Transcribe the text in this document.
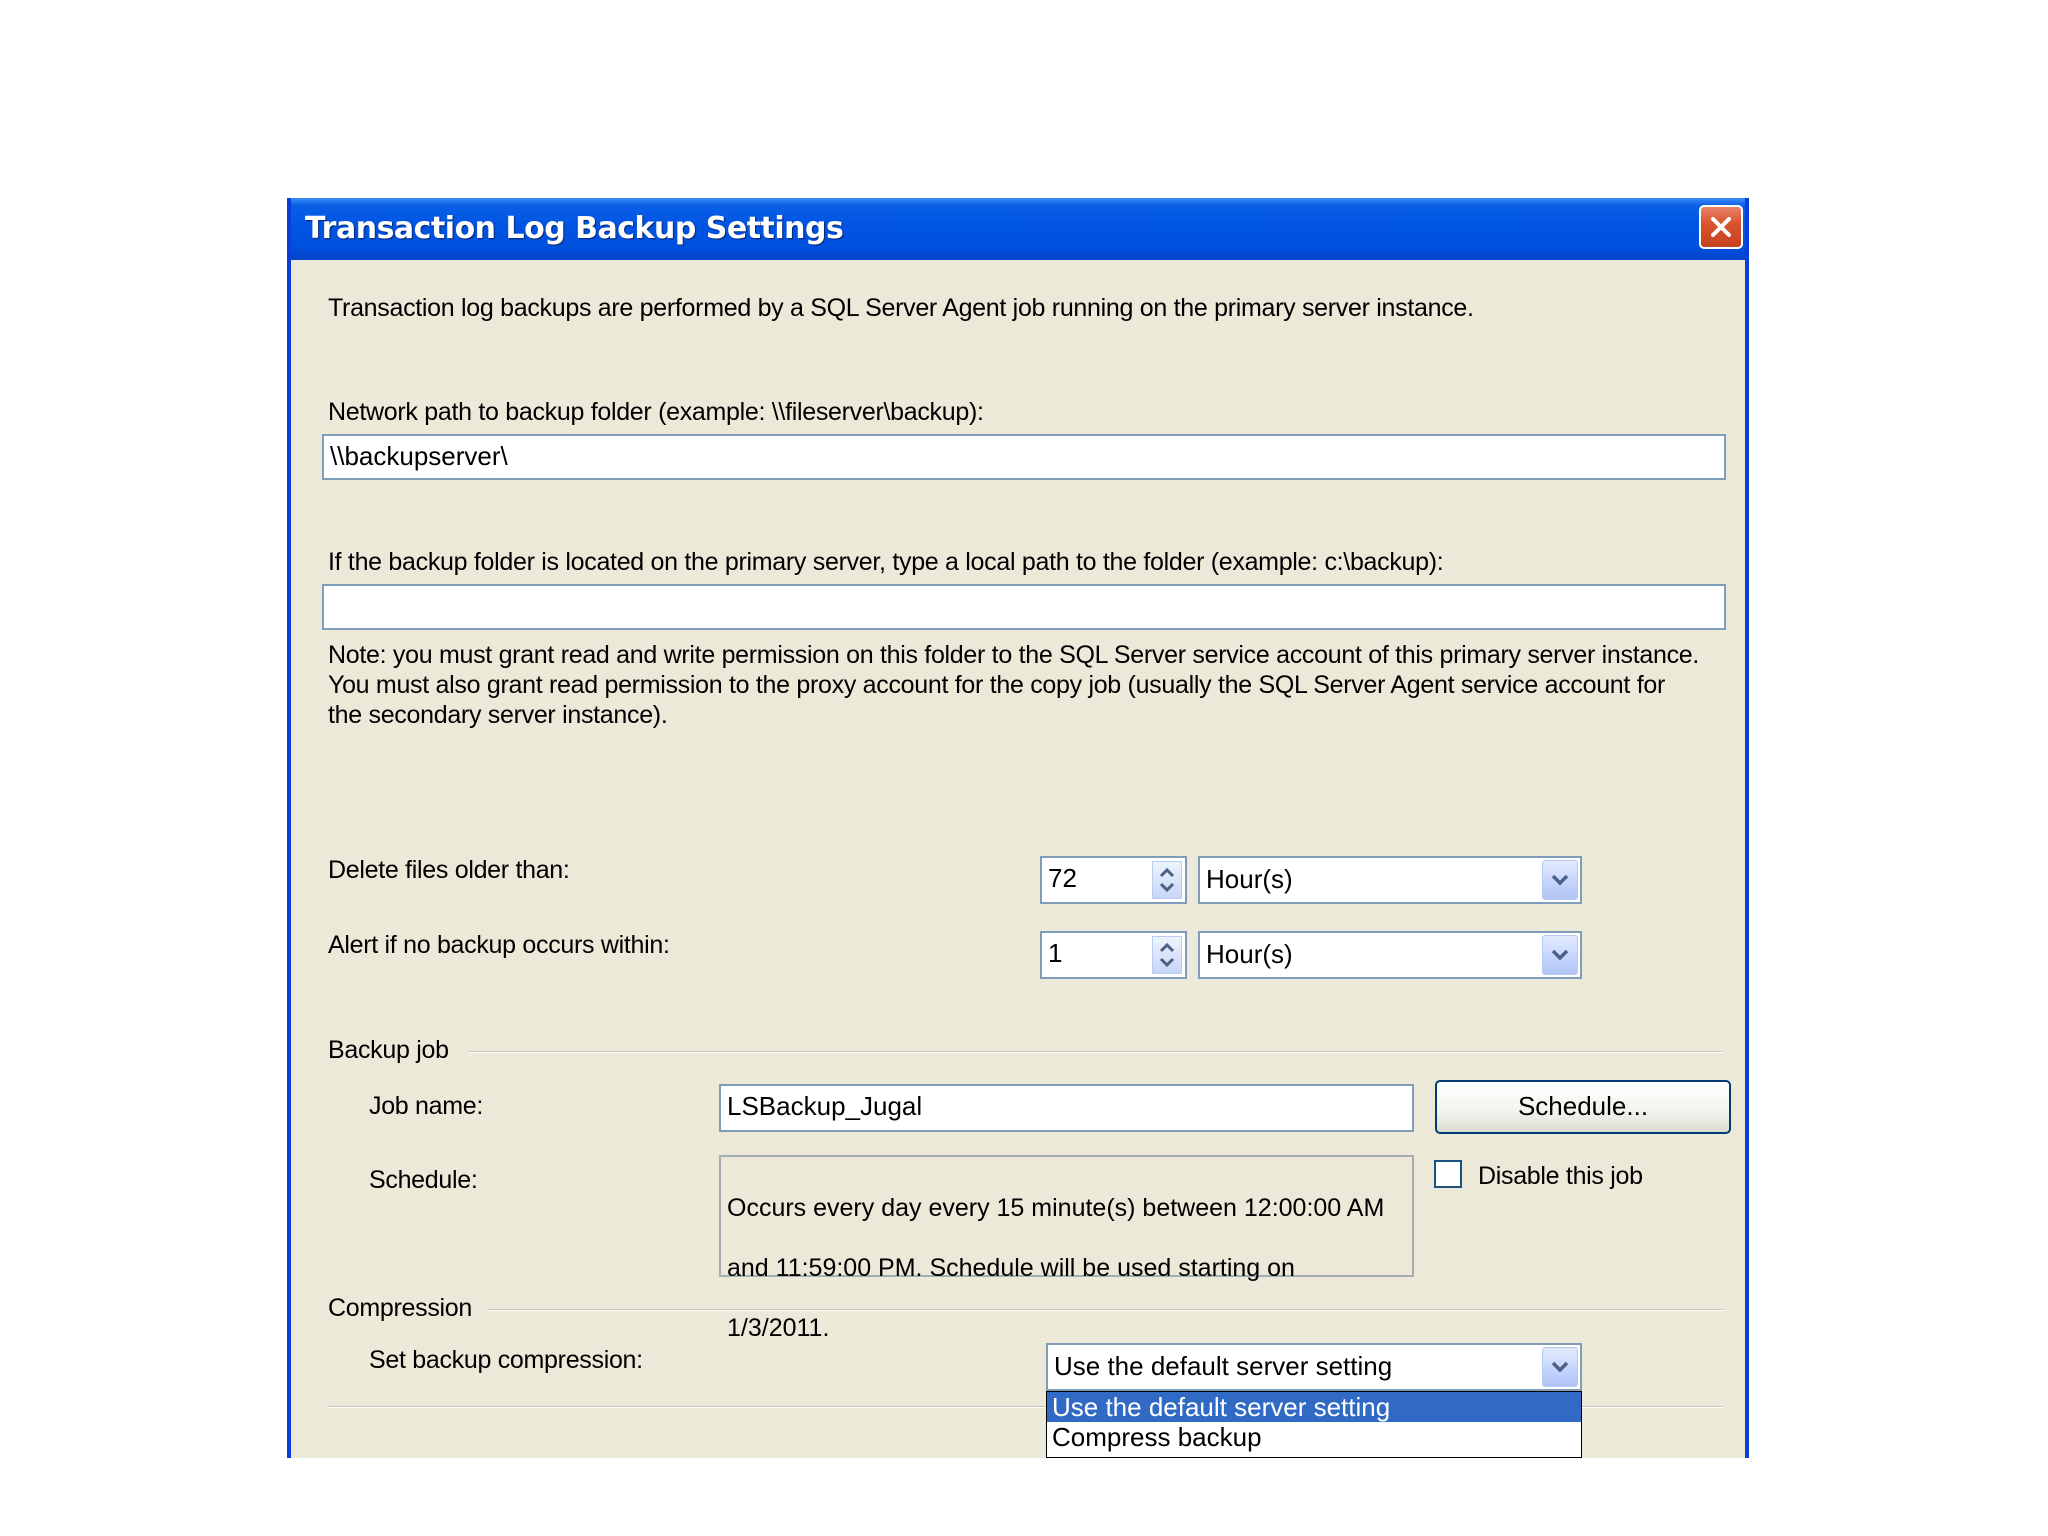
Transaction Log Backup Settings
Transaction log backups are performed by a SQL Server Agent job running on the primary server instance.
Network path to backup folder (example: \\fileserver\backup):
\\backupserver\
If the backup folder is located on the primary server, type a local path to the folder (example: c:\backup):
Note: you must grant read and write permission on this folder to the SQL Server service account of this primary server instance.
You must also grant read permission to the proxy account for the copy job (usually the SQL Server Agent service account for
the secondary server instance).
Delete files older than:	72	Hour(s)
Alert if no backup occurs within:	1	Hour(s)
Backup job
Job name:	LSBackup_Jugal	Schedule...
Schedule:

Occurs every day every 15 minute(s) between 12:00:00 AM

and 11:59:00 PM. Schedule will be used starting on

1/3/2011.

Disable this job
Compression
Set backup compression:	Use the default server setting
Use the default server setting
Compress backup
